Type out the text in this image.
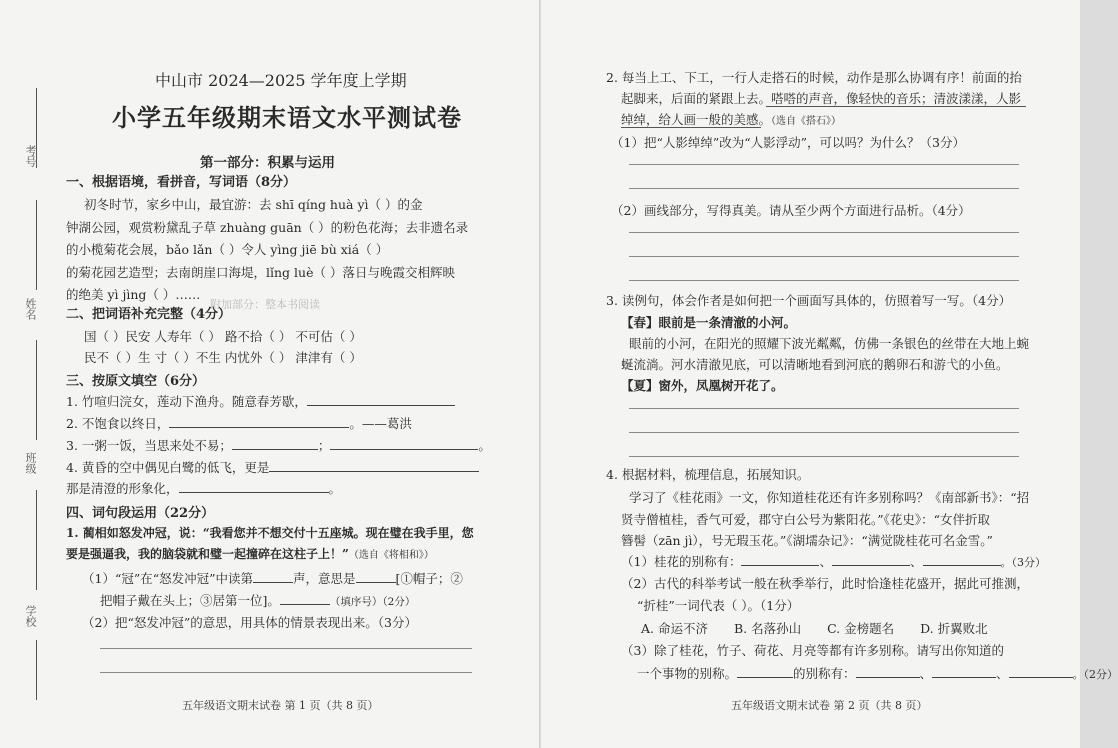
考号
姓名
班级
学校
中山市 2024—2025 学年度上学期
小学五年级期末语文水平测试卷
第一部分：积累与运用
一、根据语境，看拼音，写词语（8分）
初冬时节，家乡中山，最宜游：去 shī qíng huà yì（ ）的金
钟湖公园，观赏粉黛乱子草 zhuàng guān（ ）的粉色花海；去非遗名录
的小榄菊花会展，bǎo lǎn（ ）令人 yìng jiē bù xiá（ ）
的菊花园艺造型；去南朗崖口海堤，lǐng luè（ ）落日与晚霞交相辉映
的绝美 yì jìng（ ）……
附加部分：整本书阅读
二、把词语补充完整（4分）
国（ ）民安 人寿年（ ） 路不拾（ ） 不可估（ ）
民不（ ）生 寸（ ）不生 内忧外（ ） 津津有（ ）
三、按原文填空（6分）
1. 竹喧归浣女，莲动下渔舟。随意春芳歇，
2. 不饱食以终日，	。——葛洪
3. 一粥一饭，当思来处不易；	；	。
4. 黄昏的空中偶见白鹭的低飞，更是
那是清澄的形象化，	。
四、词句段运用（22分）
1. 蔺相如怒发冲冠，说：“我看您并不想交付十五座城。现在璧在我手里，您
要是强逼我，我的脑袋就和璧一起撞碎在这柱子上！”（选自《将相和》）
（1）“冠”在“怒发冲冠”中读第	声，意思是	[①帽子；②
把帽子戴在头上；③居第一位]。	（填序号）（2分）
（2）把“怒发冲冠”的意思，用具体的情景表现出来。（3分）
五年级语文期末试卷 第 1 页（共 8 页）
2. 每当上工、下工，一行人走搭石的时候，动作是那么协调有序！前面的抬
起脚来，后面的紧跟上去。嗒嗒的声音，像轻快的音乐；清波漾漾，人影
绰绰，给人画一般的美感。（选自《搭石》）
（1）把“人影绰绰”改为“人影浮动”，可以吗？为什么？（3分）
（2）画线部分，写得真美。请从至少两个方面进行品析。（4分）
3. 读例句，体会作者是如何把一个画面写具体的，仿照着写一写。（4分）
【春】眼前是一条清澈的小河。
眼前的小河，在阳光的照耀下波光粼粼，仿佛一条银色的丝带在大地上蜿
蜒流淌。河水清澈见底，可以清晰地看到河底的鹅卵石和游弋的小鱼。
【夏】窗外，凤凰树开花了。
4. 根据材料，梳理信息，拓展知识。
学习了《桂花雨》一文，你知道桂花还有许多别称吗？《南部新书》：“招
贤寺僧植桂，香气可爱，郡守白公号为紫阳花。”《花史》：“女伴折取
簪髻（zān jì），号无瑕玉花。”《湖壖杂记》：“满觉陇桂花可名金雪。”
（1）桂花的别称有：	、	、	。（3分）
（2）古代的科举考试一般在秋季举行，此时恰逢桂花盛开，据此可推测，
“折桂”一词代表（ ）。（1分）
A. 命运不济 B. 名落孙山 C. 金榜题名 D. 折翼败北
（3）除了桂花，竹子、荷花、月亮等都有许多别称。请写出你知道的
一个事物的别称。	的别称有：	、	、	。（2分）
五年级语文期末试卷 第 2 页（共 8 页）
